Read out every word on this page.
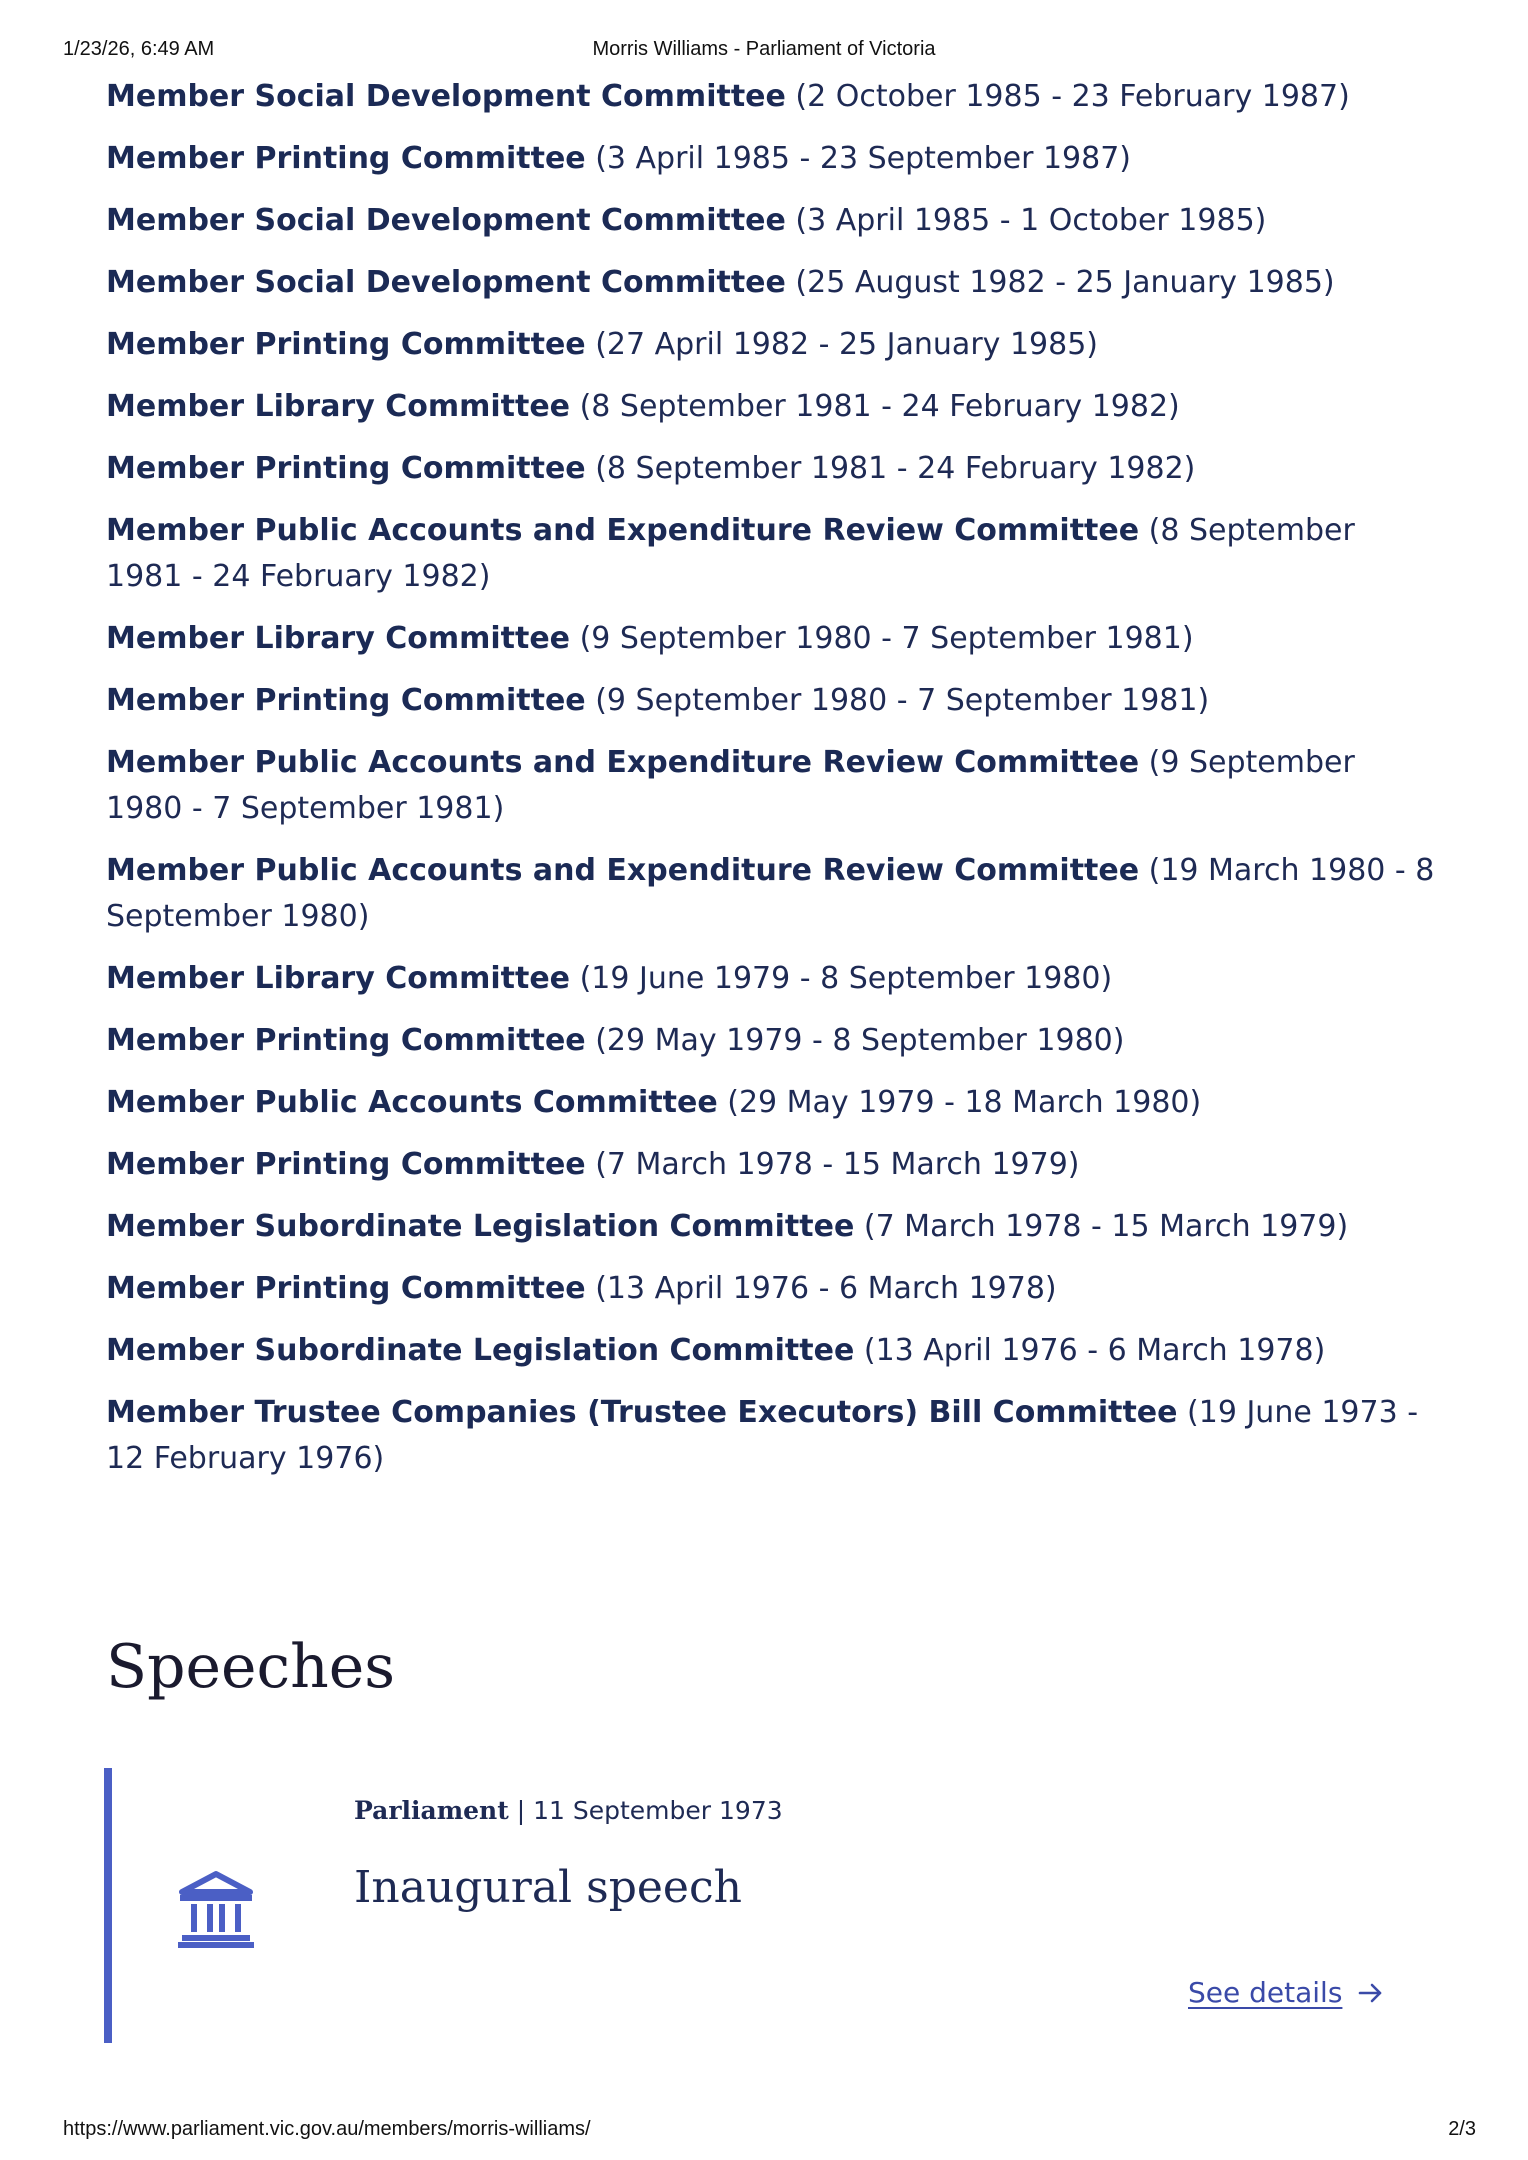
1/23/26, 6:49 AM	Morris Williams - Parliament of Victoria
Member Social Development Committee (2 October 1985 - 23 February 1987)
Member Printing Committee (3 April 1985 - 23 September 1987)
Member Social Development Committee (3 April 1985 - 1 October 1985)
Member Social Development Committee (25 August 1982 - 25 January 1985)
Member Printing Committee (27 April 1982 - 25 January 1985)
Member Library Committee (8 September 1981 - 24 February 1982)
Member Printing Committee (8 September 1981 - 24 February 1982)
Member Public Accounts and Expenditure Review Committee (8 September 1981 - 24 February 1982)
Member Library Committee (9 September 1980 - 7 September 1981)
Member Printing Committee (9 September 1980 - 7 September 1981)
Member Public Accounts and Expenditure Review Committee (9 September 1980 - 7 September 1981)
Member Public Accounts and Expenditure Review Committee (19 March 1980 - 8 September 1980)
Member Library Committee (19 June 1979 - 8 September 1980)
Member Printing Committee (29 May 1979 - 8 September 1980)
Member Public Accounts Committee (29 May 1979 - 18 March 1980)
Member Printing Committee (7 March 1978 - 15 March 1979)
Member Subordinate Legislation Committee (7 March 1978 - 15 March 1979)
Member Printing Committee (13 April 1976 - 6 March 1978)
Member Subordinate Legislation Committee (13 April 1976 - 6 March 1978)
Member Trustee Companies (Trustee Executors) Bill Committee (19 June 1973 - 12 February 1976)
Speeches
Parliament | 11 September 1973
Inaugural speech
See details
https://www.parliament.vic.gov.au/members/morris-williams/	2/3
